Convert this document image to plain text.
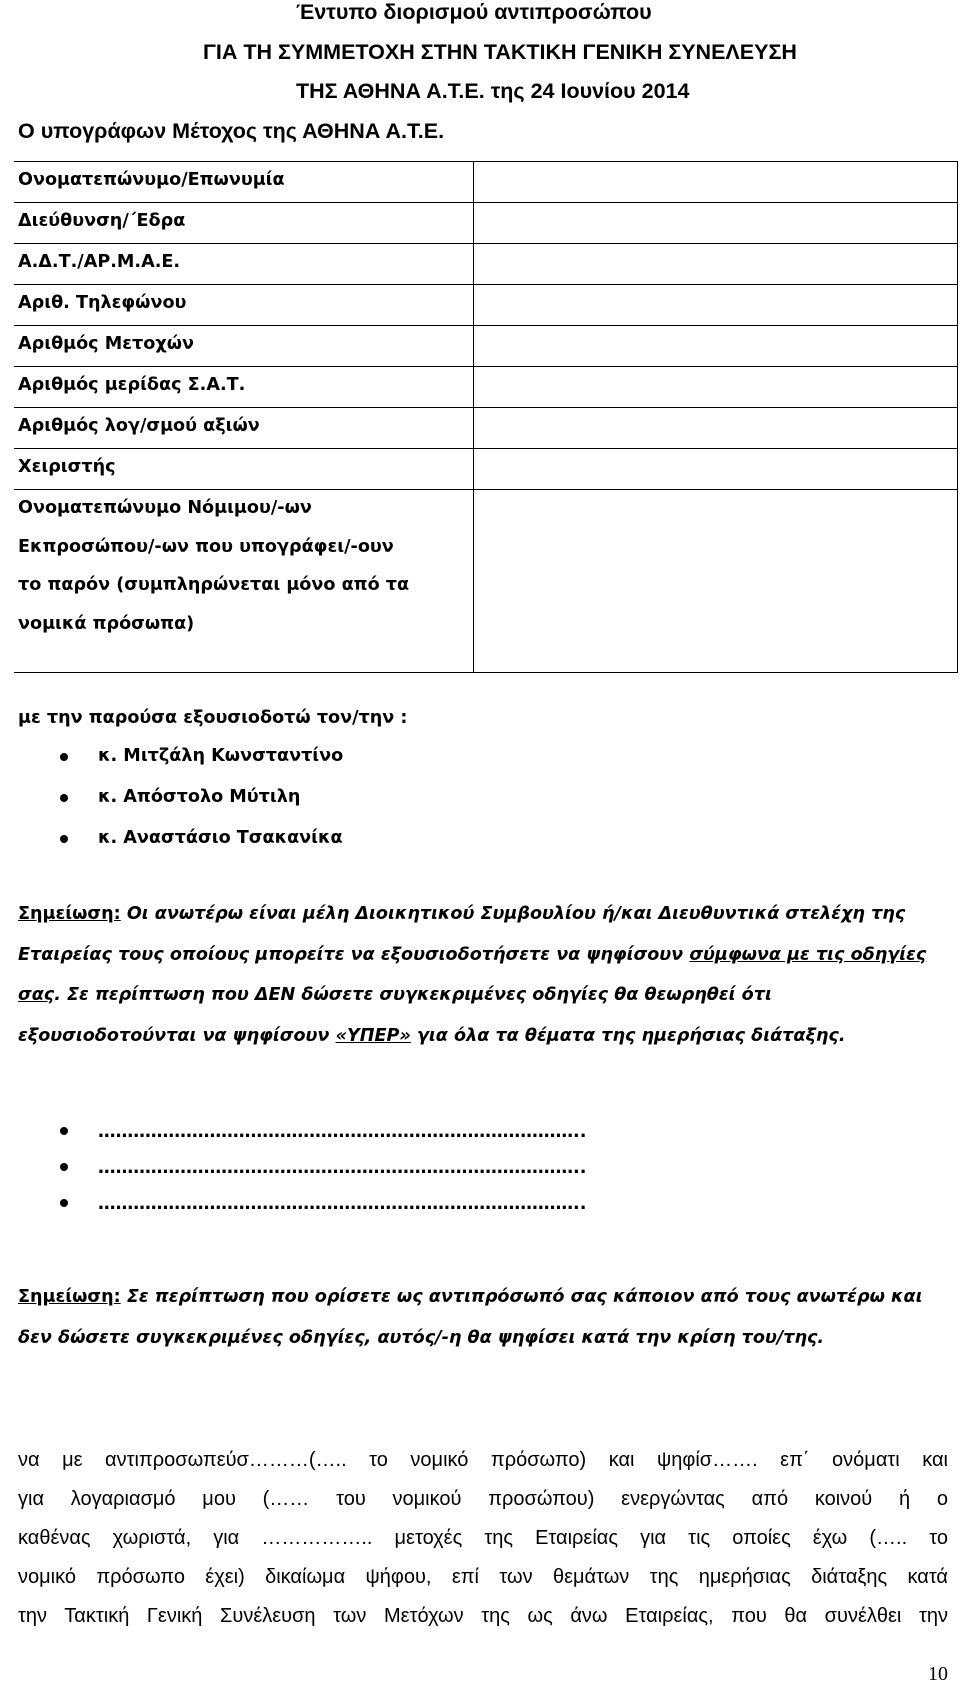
Έντυπο διορισμού αντιπροσώπου
ΓΙΑ ΤΗ ΣΥΜΜΕΤΟΧΗ ΣΤΗΝ ΤΑΚΤΙΚΗ ΓΕΝΙΚΗ ΣΥΝΕΛΕΥΣΗ
ΤΗΣ ΑΘΗΝΑ Α.Τ.Ε. της 24 Ιουνίου 2014
Ο υπογράφων Μέτοχος της ΑΘΗΝΑ Α.Τ.Ε.
Ονοματεπώνυμο/Επωνυμία	

Διεύθυνση/΄Εδρα	

Α.Δ.Τ./ΑΡ.Μ.Α.Ε.	

Αριθ. Τηλεφώνου	

Αριθμός Μετοχών	

Αριθμός μερίδας Σ.Α.Τ.	

Αριθμός λογ/σμού αξιών	

Χειριστής	

Ονοματεπώνυμο Νόμιμου/-ων
Εκπροσώπου/-ων που υπογράφει/-ουν
το παρόν (συμπληρώνεται μόνο από τα
νομικά πρόσωπα)	

με την παρούσα εξουσιοδοτώ τον/την :
κ. Μιτζάλη Κωνσταντίνο
κ. Απόστολο Μύτιλη
κ. Αναστάσιο Τσακανίκα
Σημείωση: Οι ανωτέρω είναι μέλη Διοικητικού Συμβουλίου ή/και Διευθυντικά στελέχη της Εταιρείας τους οποίους μπορείτε να εξουσιοδοτήσετε να ψηφίσουν σύμφωνα με τις οδηγίες σας. Σε περίπτωση που ΔΕΝ δώσετε συγκεκριμένες οδηγίες θα θεωρηθεί ότι εξουσιοδοτούνται να ψηφίσουν «ΥΠΕΡ» για όλα τα θέματα της ημερήσιας διάταξης.
………………………………………………………………………..
………………………………………………………………………..
………………………………………………………………………..
Σημείωση: Σε περίπτωση που ορίσετε ως αντιπρόσωπό σας κάποιον από τους ανωτέρω και δεν δώσετε συγκεκριμένες οδηγίες, αυτός/-η θα ψηφίσει κατά την κρίση του/της.
να με αντιπροσωπεύσ………(….. το νομικό πρόσωπο) και ψηφίσ……. επ΄ ονόματι και
για λογαριασμό μου (…… του νομικού προσώπου) ενεργώντας από κοινού ή ο
καθένας χωριστά, για …………….. μετοχές της Εταιρείας για τις οποίες έχω (….. το
νομικό πρόσωπο έχει) δικαίωμα ψήφου, επί των θεμάτων της ημερήσιας διάταξης κατά
την Τακτική Γενική Συνέλευση των Μετόχων της ως άνω Εταιρείας, που θα συνέλθει την
10
